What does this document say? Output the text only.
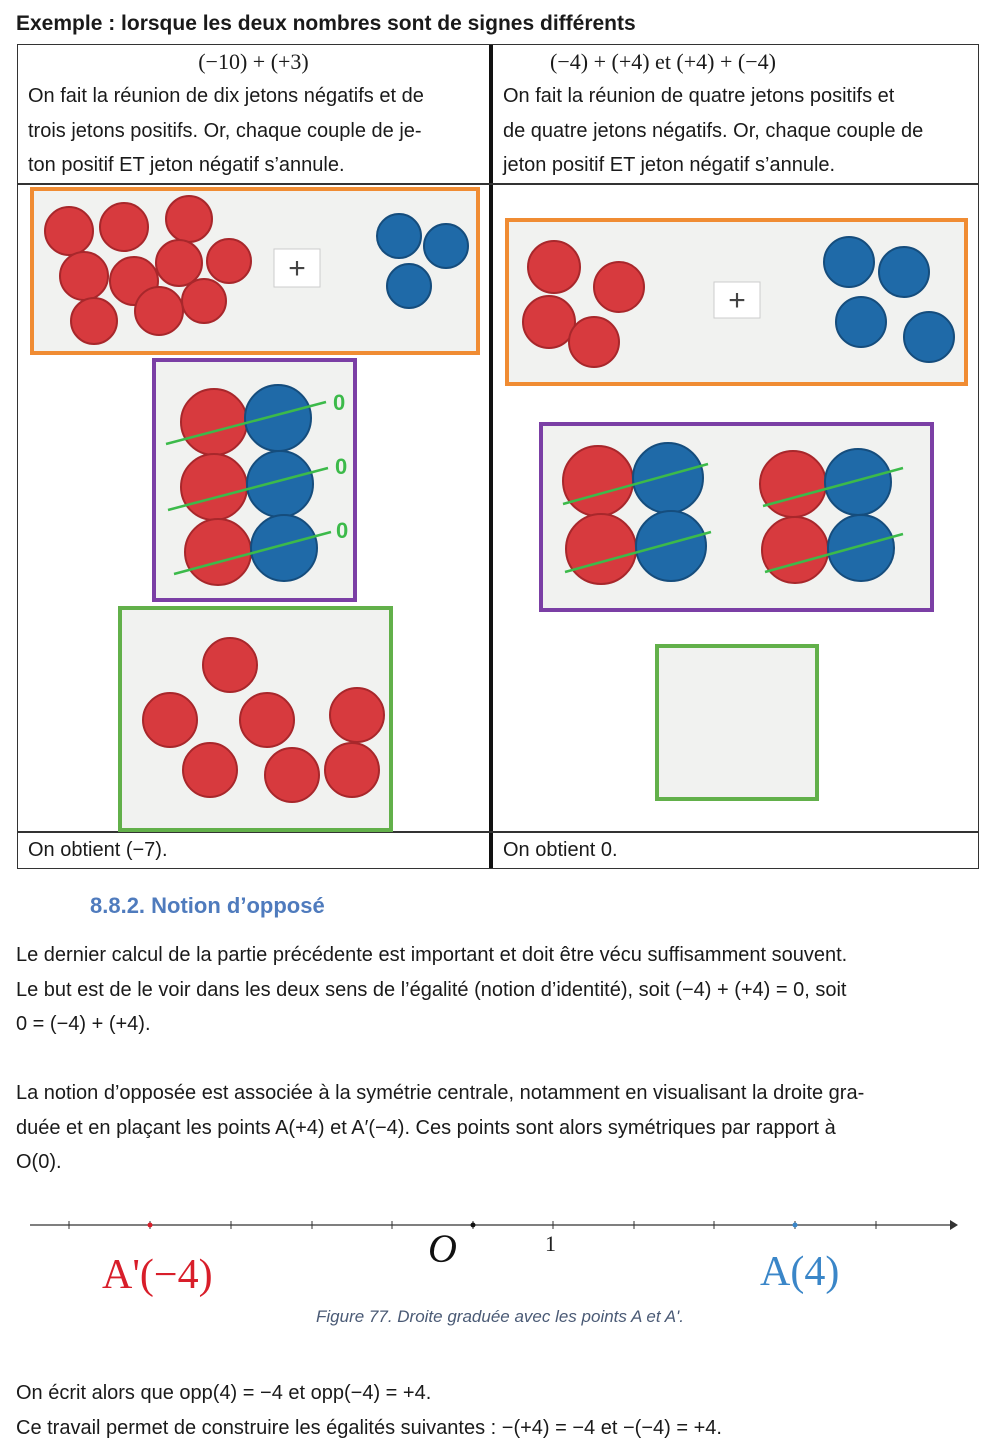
Exemple : lorsque les deux nombres sont de signes différents
(−10) + (+3)
On fait la réunion de dix jetons négatifs et de
trois jetons positifs. Or, chaque couple de je-
ton positif ET jeton négatif s’annule.
(−4) + (+4) et (+4) + (−4)
On fait la réunion de quatre jetons positifs et
de quatre jetons négatifs. Or, chaque couple de
jeton positif ET jeton négatif s’annule.
+
0
0
0
+
On obtient (−7).	On obtient 0.
8.8.2. Notion d’opposé
Le dernier calcul de la partie précédente est important et doit être vécu suffisamment souvent.
Le but est de le voir dans les deux sens de l’égalité (notion d’identité), soit (−4) + (+4) = 0, soit
0 = (−4) + (+4).
La notion d’opposée est associée à la symétrie centrale, notamment en visualisant la droite gra-
duée et en plaçant les points A(+4) et A′(−4). Ces points sont alors symétriques par rapport à
O(0).
1
O
A'(−4)	A(4)
Figure 77. Droite graduée avec les points A et A'.
On écrit alors que opp(4) = −4 et opp(−4) = +4.
Ce travail permet de construire les égalités suivantes : −(+4) = −4 et −(−4) = +4.
